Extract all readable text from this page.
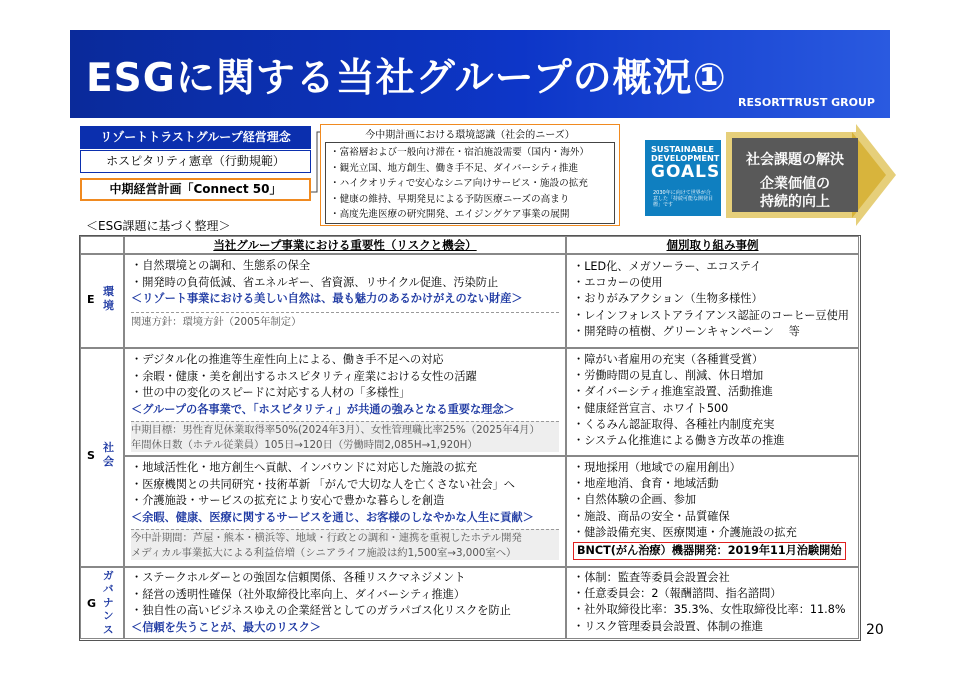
ESGに関する当社グループの概況①
RESORTTRUST GROUP
リゾートトラストグループ経営理念
ホスピタリティ憲章（行動規範）
中期経営計画「Connect 50」
今中期計画における環境認識（社会的ニーズ）
・富裕層および一般向け滞在・宿泊施設需要（国内・海外）
・観光立国、地方創生、働き手不足、ダイバーシティ推進
・ハイクオリティで安心なシニア向けサービス・施設の拡充
・健康の維持、早期発見による予防医療ニーズの高まり
・高度先進医療の研究開発、エイジングケア事業の展開
社会課題の解決
企業価値の
持続的向上
SUSTAINABLE
DEVELOPMENT
GOALS
2030年に向けて世界が合意した「持続可能な開発目標」です
＜ESG課題に基づく整理＞
当社グループ事業における重要性（リスクと機会）	個別取り組み事例
E
環
境
・自然環境との調和、生態系の保全
・開発時の負荷低減、省エネルギー、省資源、リサイクル促進、汚染防止
＜リゾート事業における美しい自然は、最も魅力のあるかけがえのない財産＞
関連方針：環境方針（2005年制定）
・LED化、メガソーラー、エコステイ
・エコカーの使用
・おりがみアクション（生物多様性）
・レインフォレストアライアンス認証のコーヒー豆使用
・開発時の植樹、グリーンキャンペーン　 等
S
社
会
・デジタル化の推進等生産性向上による、働き手不足への対応
・余暇・健康・美を創出するホスピタリティ産業における女性の活躍
・世の中の変化のスピードに対応する人材の「多様性」
＜グループの各事業で、「ホスピタリティ」が共通の強みとなる重要な理念＞
中期目標：男性育児休業取得率50%(2024年3月）、女性管理職比率25%（2025年4月）
年間休日数（ホテル従業員）105日→120日（労働時間2,085H→1,920H）
・障がい者雇用の充実（各種賞受賞）
・労働時間の見直し、削減、休日増加
・ダイバーシティ推進室設置、活動推進
・健康経営宣言、ホワイト500
・くるみん認証取得、各種社内制度充実
・システム化推進による働き方改革の推進
・地域活性化・地方創生へ貢献、インバウンドに対応した施設の拡充
・医療機関との共同研究・技術革新 「がんで大切な人を亡くさない社会」へ
・介護施設・サービスの拡充により安心で豊かな暮らしを創造
＜余暇、健康、医療に関するサービスを通じ、お客様のしなやかな人生に貢献＞
今中計期間：芦屋・熊本・横浜等、地域・行政との調和・連携を重視したホテル開発
メディカル事業拡大による利益倍増（シニアライフ施設は約1,500室→3,000室へ）
・現地採用（地域での雇用創出）
・地産地消、食育・地域活動
・自然体験の企画、参加
・施設、商品の安全・品質確保
・健診設備充実、医療関連・介護施設の拡充
BNCT(がん治療）機器開発：2019年11月治験開始
G
ガ
バ
ナ
ン
ス
・ステークホルダーとの強固な信頼関係、各種リスクマネジメント
・経営の透明性確保（社外取締役比率向上、ダイバーシティ推進）
・独自性の高いビジネスゆえの企業経営としてのガラパゴス化リスクを防止
＜信頼を失うことが、最大のリスク＞
・体制：監査等委員会設置会社
・任意委員会：2（報酬諮問、指名諮問）
・社外取締役比率：35.3%、女性取締役比率：11.8%
・リスク管理委員会設置、体制の推進	20
